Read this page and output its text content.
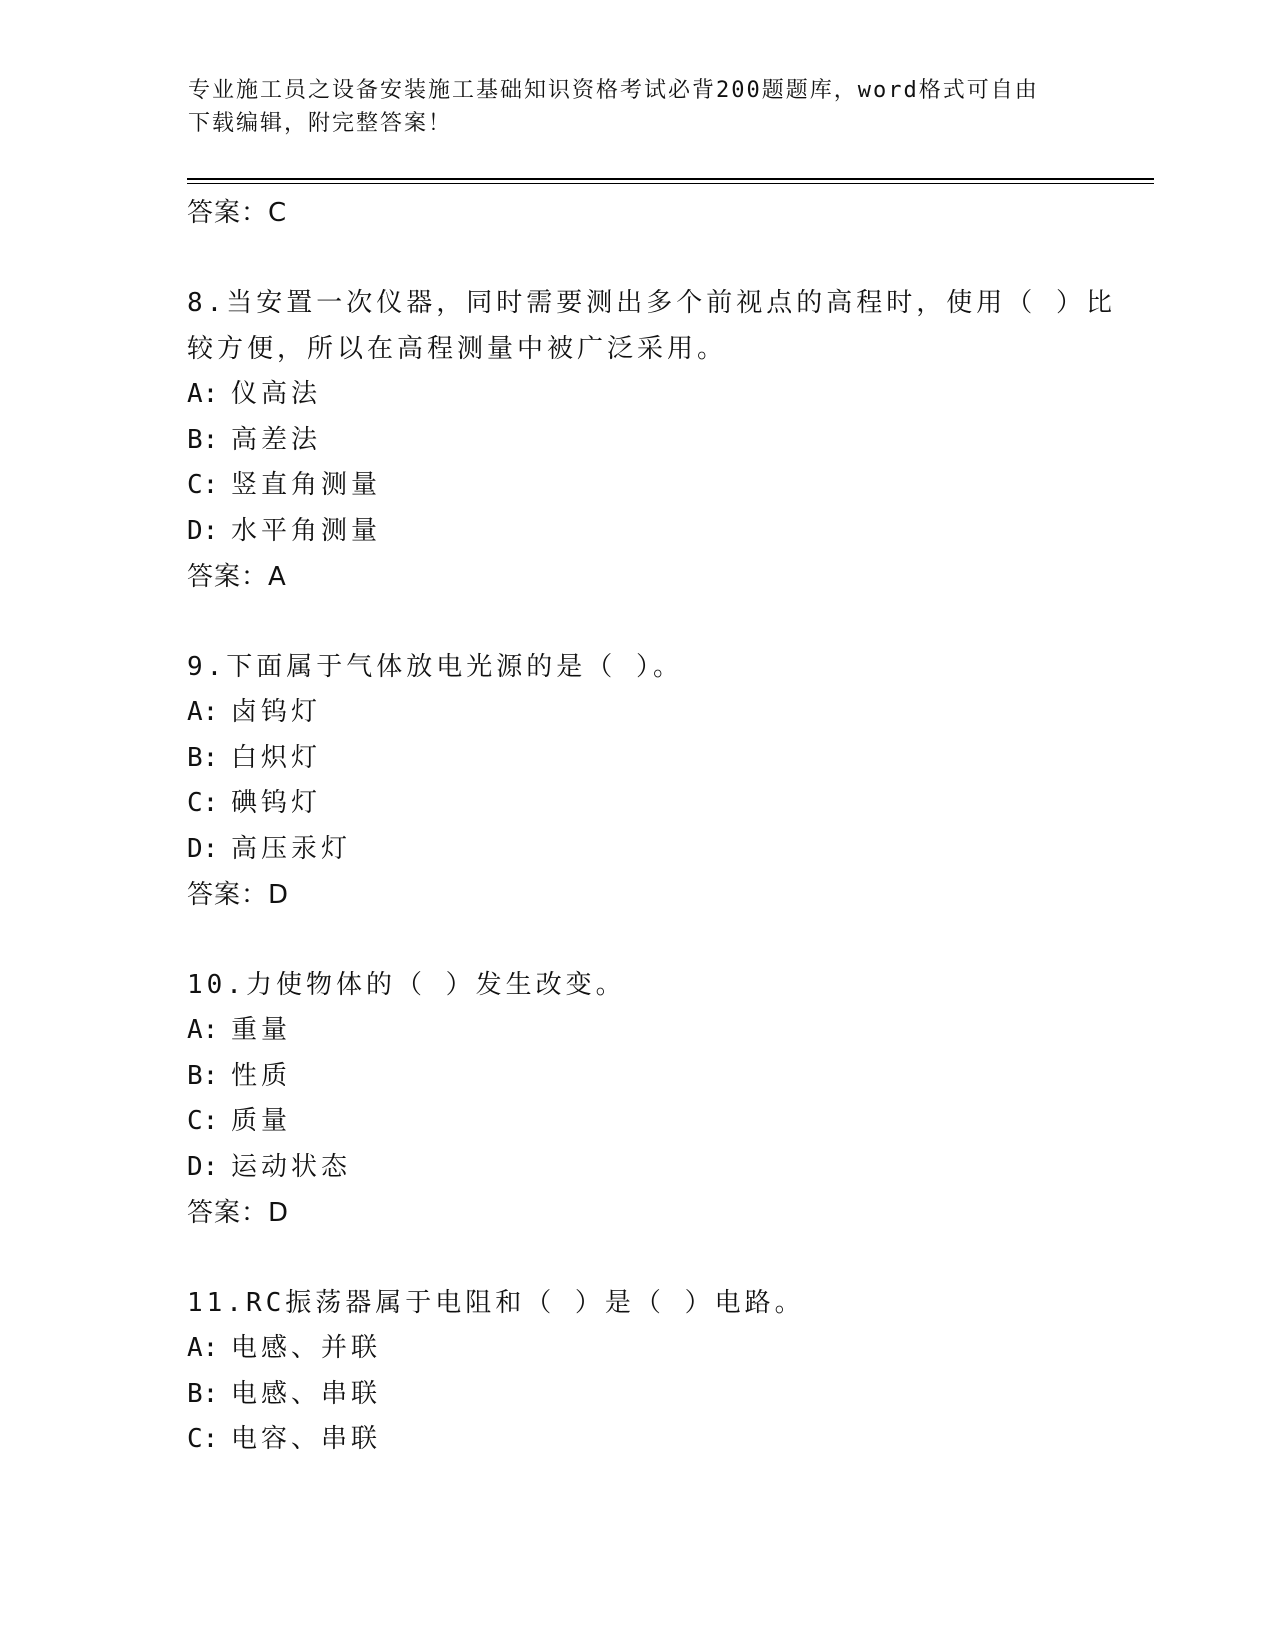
专业施工员之设备安装施工基础知识资格考试必背200题题库，word格式可自由
下载编辑，附完整答案！
答案：C
8.当安置一次仪器，同时需要测出多个前视点的高程时，使用（ ）比较方便，所以在高程测量中被广泛采用。
A: 仪高法
B: 高差法
C: 竖直角测量
D: 水平角测量
答案：A
9.下面属于气体放电光源的是（ ）。
A: 卤钨灯
B: 白炽灯
C: 碘钨灯
D: 高压汞灯
答案：D
10.力使物体的（ ）发生改变。
A: 重量
B: 性质
C: 质量
D: 运动状态
答案：D
11.RC振荡器属于电阻和（ ）是（ ）电路。
A: 电感、并联
B: 电感、串联
C: 电容、串联
